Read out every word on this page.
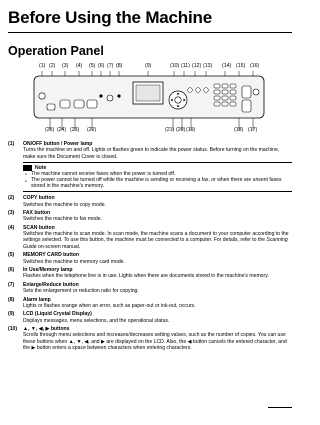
Before Using the Machine
Operation Panel
(1) (2) (3) (4) (5) (6) (7) (8)	(9)	(10) (11) (12) (13) (14) (15) (16)
(25) (24) (23) (22)	(21) (20) (19)	(18) (17)
(1) ON/OFF button / Power lamp
Turns the machine on and off. Lights or flashes green to indicate the power status. Before turning on the machine, make sure the Document Cover is closed.
Note
● The machine cannot receive faxes when the power is turned off.
● The power cannot be turned off while the machine is sending or receiving a fax, or when there are unsent faxes stored in the machine's memory.
(2) COPY button
Switches the machine to copy mode.
(3) FAX button
Switches the machine to fax mode.
(4) SCAN button
Switches the machine to scan mode. In scan mode, the machine scans a document to your computer according to the settings selected. To use this button, the machine must be connected to a computer. For details, refer to the Scanning Guide on-screen manual.
(5) MEMORY CARD button
Switches the machine to memory card mode.
(6) In Use/Memory lamp
Flashes when the telephone line is in use. Lights when there are documents stored in the machine's memory.
(7) Enlarge/Reduce button
Sets the enlargement or reduction ratio for copying.
(8) Alarm lamp
Lights or flashes orange when an error, such as paper-out or ink-out, occurs.
(9) LCD (Liquid Crystal Display)
Displays messages, menu selections, and the operational status.
(10) ▲, ▼, ◀, ▶ buttons
Scrolls through menu selections and increases/decreases setting values, such as the number of copies. You can use these buttons when ▲, ▼, ◀, and ▶ are displayed on the LCD. Also, the ◀ button cancels the entered character, and the ▶ button enters a space between characters when entering characters.
